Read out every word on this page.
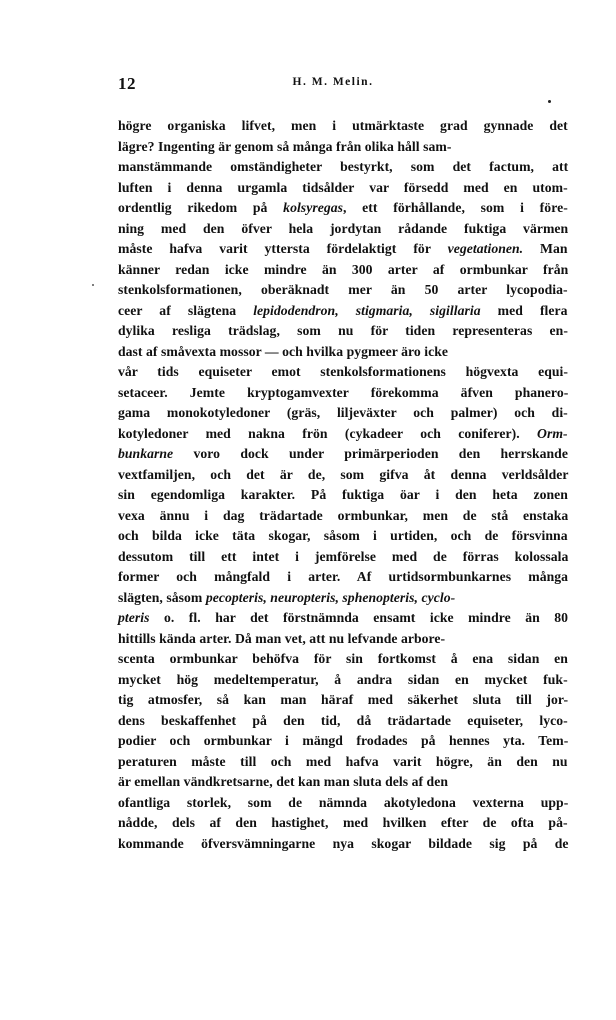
12	H. M. Melin.
högre organiska lifvet, men i utmärktaste grad gynnade det
lägre? Ingenting är genom så många från olika håll sam-
manstämmande omständigheter bestyrkt, som det factum, att
luften i denna urgamla tidsålder var försedd med en utom-
ordentlig rikedom på kolsyregas, ett förhållande, som i före-
ning med den öfver hela jordytan rådande fuktiga värmen
måste hafva varit yttersta fördelaktigt för vegetationen. Man
känner redan icke mindre än 300 arter af ormbunkar från
stenkolsformationen, oberäknadt mer än 50 arter lycopodia-
ceer af slägtena lepidodendron, stigmaria, sigillaria med flera
dylika resliga trädslag, som nu för tiden representeras en-
dast af småvexta mossor — och hvilka pygmeer äro icke
vår tids equiseter emot stenkolsformationens högvexta equi-
setaceer. Jemte kryptogamvexter förekomma äfven phanero-
gama monokotyledoner (gräs, liljeväxter och palmer) och di-
kotyledoner med nakna frön (cykadeer och coniferer). Orm-
bunkarne voro dock under primärperioden den herrskande
vextfamiljen, och det är de, som gifva åt denna verldsålder
sin egendomliga karakter. På fuktiga öar i den heta zonen
vexa ännu i dag trädartade ormbunkar, men de stå enstaka
och bilda icke täta skogar, såsom i urtiden, och de försvinna
dessutom till ett intet i jemförelse med de förras kolossala
former och mångfald i arter. Af urtidsormbunkarnes många
slägten, såsom pecopteris, neuropteris, sphenopteris, cyclo-
pteris o. fl. har det förstnämnda ensamt icke mindre än 80
hittills kända arter. Då man vet, att nu lefvande arbore-
scenta ormbunkar behöfva för sin fortkomst å ena sidan en
mycket hög medeltemperatur, å andra sidan en mycket fuk-
tig atmosfer, så kan man häraf med säkerhet sluta till jor-
dens beskaffenhet på den tid, då trädartade equiseter, lyco-
podier och ormbunkar i mängd frodades på hennes yta. Tem-
peraturen måste till och med hafva varit högre, än den nu
är emellan vändkretsarne, det kan man sluta dels af den
ofantliga storlek, som de nämnda akotyledona vexterna upp-
nådde, dels af den hastighet, med hvilken efter de ofta på-
kommande öfversvämningarne nya skogar bildade sig på de
